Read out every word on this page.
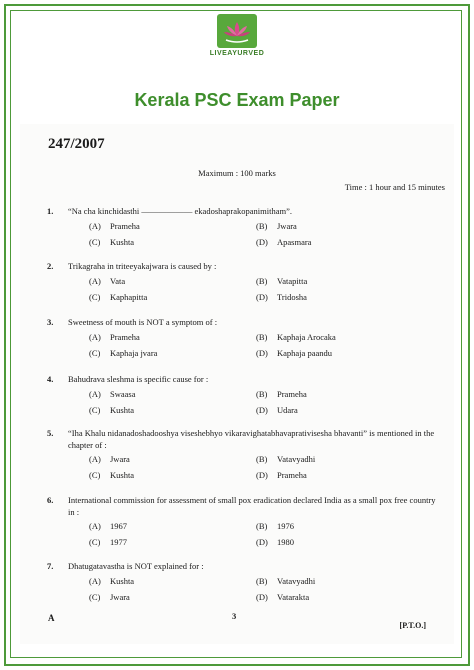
LIVEAYURVED
Kerala PSC Exam Paper
247/2007
Maximum : 100 marks
Time : 1 hour and 15 minutes
1. “Na cha kinchidasthi —————— ekadoshaprakopanimitham”.
(A) Prameha	(B) Jwara
(C) Kushta	(D) Apasmara
2. Trikagraha in triteeyakajwara is caused by :
(A) Vata	(B) Vatapitta
(C) Kaphapitta	(D) Tridosha
3. Sweetness of mouth is NOT a symptom of :
(A) Prameha	(B) Kaphaja Arocaka
(C) Kaphaja jvara	(D) Kaphaja paandu
4. Bahudrava sleshma is specific cause for :
(A) Swaasa	(B) Prameha
(C) Kushta	(D) Udara
5. “Iha Khalu nidanadoshadooshya viseshebhyo vikaravighatabhavaprativisesha bhavanti” is mentioned in the chapter of :
(A) Jwara	(B) Vatavyadhi
(C) Kushta	(D) Prameha
6. International commission for assessment of small pox eradication declared India as a small pox free country in :
(A) 1967	(B) 1976
(C) 1977	(D) 1980
7. Dhatugatavastha is NOT explained for :
(A) Kushta	(B) Vatavyadhi
(C) Jwara	(D) Vatarakta
A	3
[P.T.O.]
